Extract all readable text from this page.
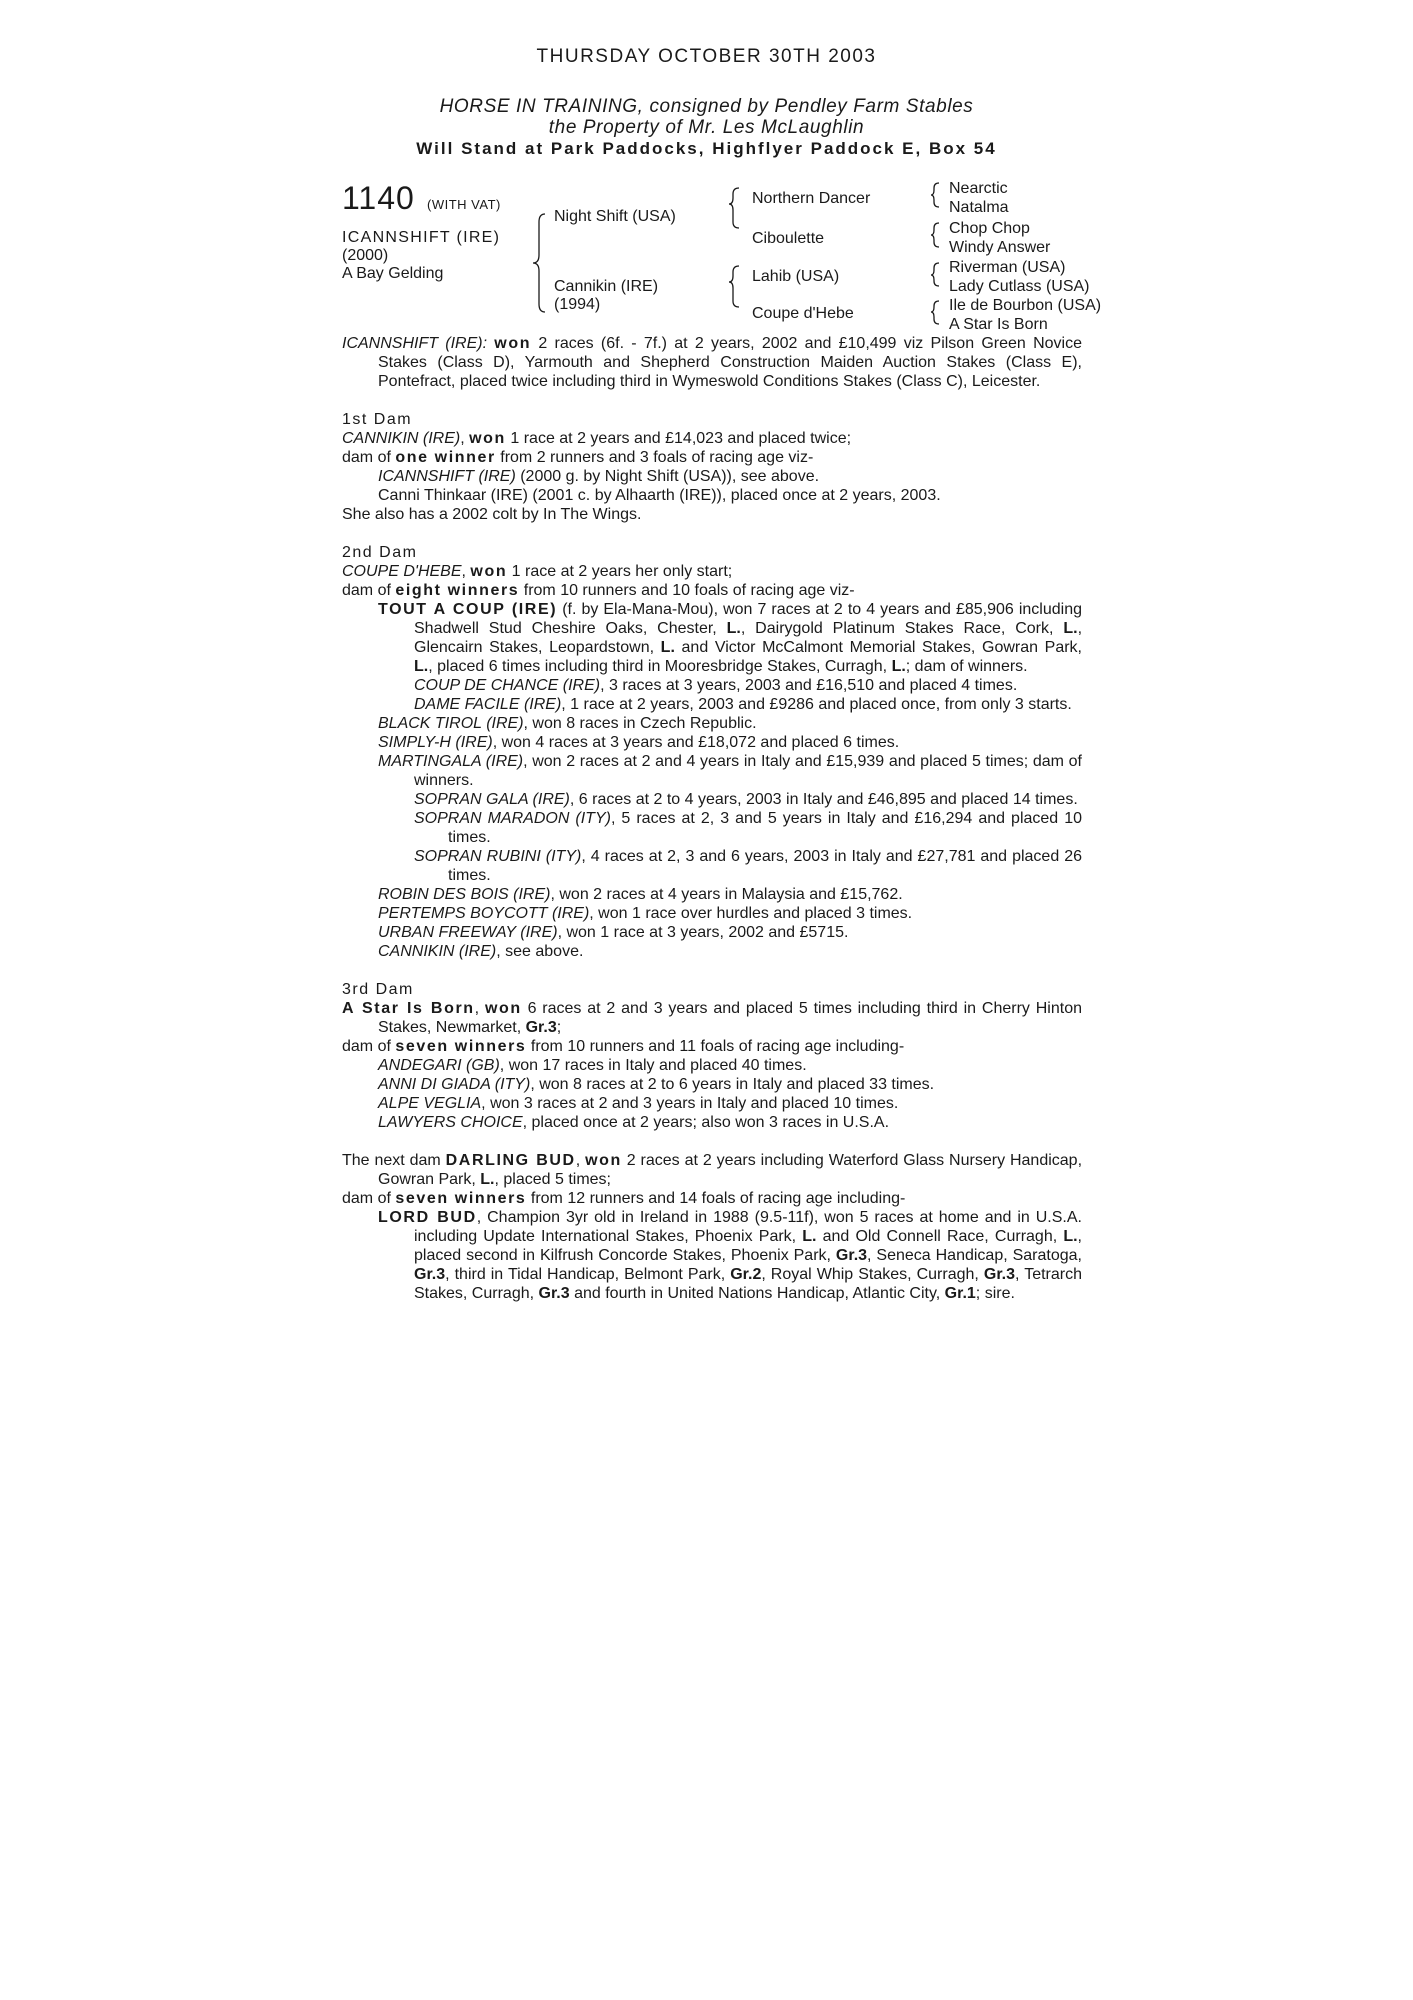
THURSDAY OCTOBER 30TH 2003
HORSE IN TRAINING, consigned by Pendley Farm Stables
the Property of Mr. Les McLaughlin
Will Stand at Park Paddocks, Highflyer Paddock E, Box 54
1140 (WITH VAT)
ICANNSHIFT (IRE)
(2000)
A Bay Gelding
Night Shift (USA)
Cannikin (IRE)
(1994)
Northern Dancer
Ciboulette
Lahib (USA)
Coupe d'Hebe
Nearctic
Natalma
Chop Chop
Windy Answer
Riverman (USA)
Lady Cutlass (USA)
Ile de Bourbon (USA)
A Star Is Born

ICANNSHIFT (IRE): won 2 races (6f. - 7f.) at 2 years, 2002 and £10,499 viz Pilson Green Novice Stakes (Class D), Yarmouth and Shepherd Construction Maiden Auction Stakes (Class E), Pontefract, placed twice including third in Wymeswold Conditions Stakes (Class C), Leicester.

1st Dam

CANNIKIN (IRE), won 1 race at 2 years and £14,023 and placed twice;

dam of one winner from 2 runners and 3 foals of racing age viz-

ICANNSHIFT (IRE) (2000 g. by Night Shift (USA)), see above.

Canni Thinkaar (IRE) (2001 c. by Alhaarth (IRE)), placed once at 2 years, 2003.

She also has a 2002 colt by In The Wings.

2nd Dam

COUPE D'HEBE, won 1 race at 2 years her only start;

dam of eight winners from 10 runners and 10 foals of racing age viz-

TOUT A COUP (IRE) (f. by Ela-Mana-Mou), won 7 races at 2 to 4 years and £85,906 including Shadwell Stud Cheshire Oaks, Chester, L., Dairygold Platinum Stakes Race, Cork, L., Glencairn Stakes, Leopardstown, L. and Victor McCalmont Memorial Stakes, Gowran Park, L., placed 6 times including third in Mooresbridge Stakes, Curragh, L.; dam of winners.

COUP DE CHANCE (IRE), 3 races at 3 years, 2003 and £16,510 and placed 4 times.

DAME FACILE (IRE), 1 race at 2 years, 2003 and £9286 and placed once, from only 3 starts.

BLACK TIROL (IRE), won 8 races in Czech Republic.

SIMPLY-H (IRE), won 4 races at 3 years and £18,072 and placed 6 times.

MARTINGALA (IRE), won 2 races at 2 and 4 years in Italy and £15,939 and placed 5 times; dam of winners.

SOPRAN GALA (IRE), 6 races at 2 to 4 years, 2003 in Italy and £46,895 and placed 14 times.

SOPRAN MARADON (ITY), 5 races at 2, 3 and 5 years in Italy and £16,294 and placed 10 times.

SOPRAN RUBINI (ITY), 4 races at 2, 3 and 6 years, 2003 in Italy and £27,781 and placed 26 times.

ROBIN DES BOIS (IRE), won 2 races at 4 years in Malaysia and £15,762.

PERTEMPS BOYCOTT (IRE), won 1 race over hurdles and placed 3 times.

URBAN FREEWAY (IRE), won 1 race at 3 years, 2002 and £5715.

CANNIKIN (IRE), see above.

3rd Dam

A Star Is Born, won 6 races at 2 and 3 years and placed 5 times including third in Cherry Hinton Stakes, Newmarket, Gr.3;

dam of seven winners from 10 runners and 11 foals of racing age including-

ANDEGARI (GB), won 17 races in Italy and placed 40 times.

ANNI DI GIADA (ITY), won 8 races at 2 to 6 years in Italy and placed 33 times.

ALPE VEGLIA, won 3 races at 2 and 3 years in Italy and placed 10 times.

LAWYERS CHOICE, placed once at 2 years; also won 3 races in U.S.A.

The next dam DARLING BUD, won 2 races at 2 years including Waterford Glass Nursery Handicap, Gowran Park, L., placed 5 times;

dam of seven winners from 12 runners and 14 foals of racing age including-

LORD BUD, Champion 3yr old in Ireland in 1988 (9.5-11f), won 5 races at home and in U.S.A. including Update International Stakes, Phoenix Park, L. and Old Connell Race, Curragh, L., placed second in Kilfrush Concorde Stakes, Phoenix Park, Gr.3, Seneca Handicap, Saratoga, Gr.3, third in Tidal Handicap, Belmont Park, Gr.2, Royal Whip Stakes, Curragh, Gr.3, Tetrarch Stakes, Curragh, Gr.3 and fourth in United Nations Handicap, Atlantic City, Gr.1; sire.
